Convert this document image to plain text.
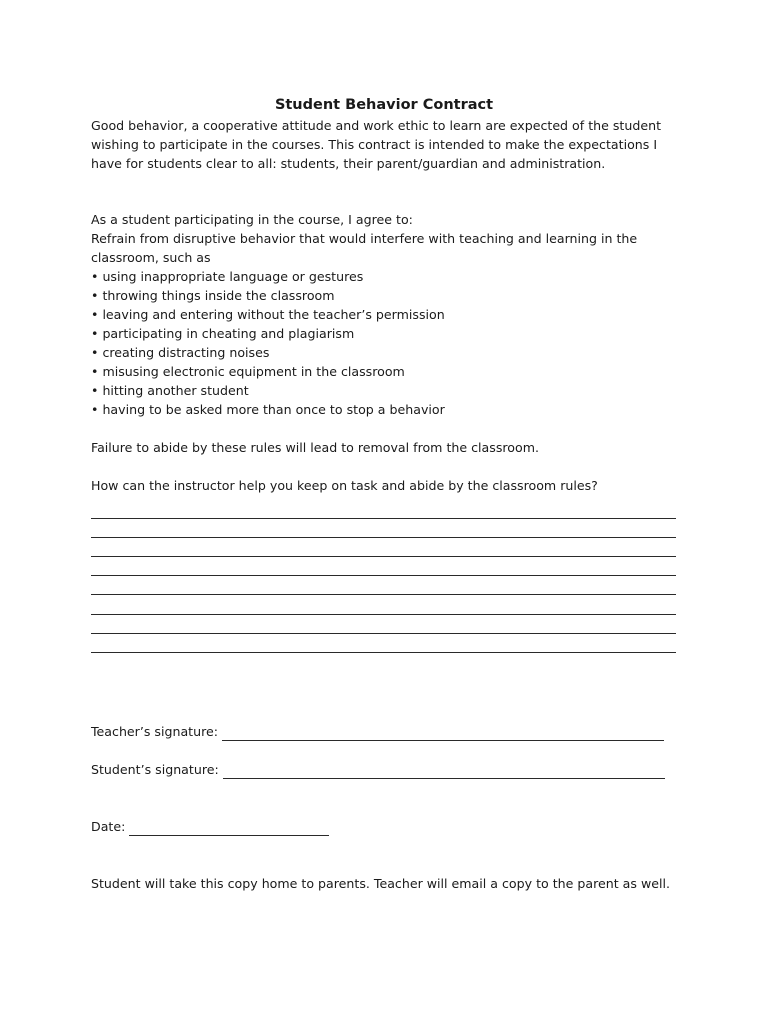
Student Behavior Contract
Good behavior, a cooperative attitude and work ethic to learn are expected of the student wishing to participate in the courses. This contract is intended to make the expectations I have for students clear to all: students, their parent/guardian and administration.
As a student participating in the course, I agree to:
Refrain from disruptive behavior that would interfere with teaching and learning in the classroom, such as
• using inappropriate language or gestures
• throwing things inside the classroom
• leaving and entering without the teacher’s permission
• participating in cheating and plagiarism
• creating distracting noises
• misusing electronic equipment in the classroom
• hitting another student
• having to be asked more than once to stop a behavior
Failure to abide by these rules will lead to removal from the classroom.
How can the instructor help you keep on task and abide by the classroom rules?
Teacher’s signature:
Student’s signature:
Date:
Student will take this copy home to parents. Teacher will email a copy to the parent as well.
